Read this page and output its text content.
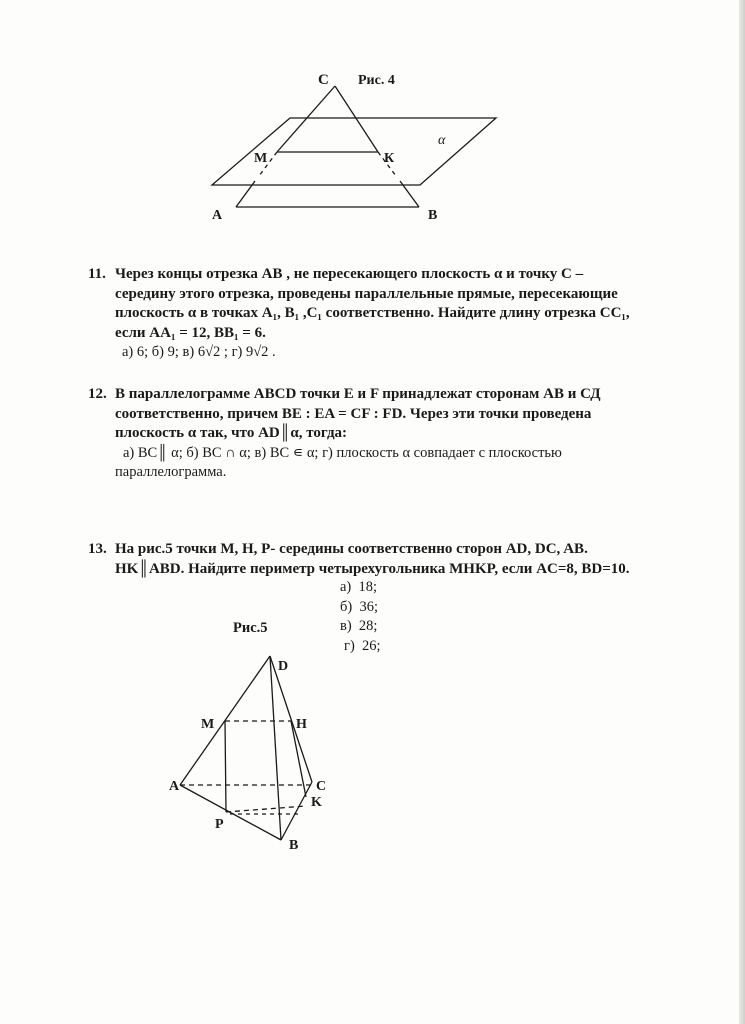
С Рис. 4
М	К
α
А	В
11. Через концы отрезка AB , не пересекающего плоскость α и точку C –
середину этого отрезка, проведены параллельные прямые, пересекающие
плоскость α в точках A₁, B₁ ,C₁ соответственно. Найдите длину отрезка CC₁,
если AA₁ = 12, BB₁ = 6.
а) 6; б) 9; в) 6√2 ; г) 9√2 .
12. В параллелограмме ABCD точки E и F принадлежат сторонам AB и СД
соответственно, причем BE : EA = CF : FD. Через эти точки проведена
плоскость α так, что AD║α, тогда:
а) BC║ α; б) BC ∩ α; в) BC ∊ α; г) плоскость α совпадает с плоскостью
параллелограмма.
13. На рис.5 точки M, H, P- середины соответственно сторон AD, DC, AB.
HK║ABD. Найдите периметр четырехугольника MHKP, если AC=8, BD=10.
а)  18;
б)  36;
в)  28;
г)  26;
Рис.5
D
M	Н
A	C
K
P
B
